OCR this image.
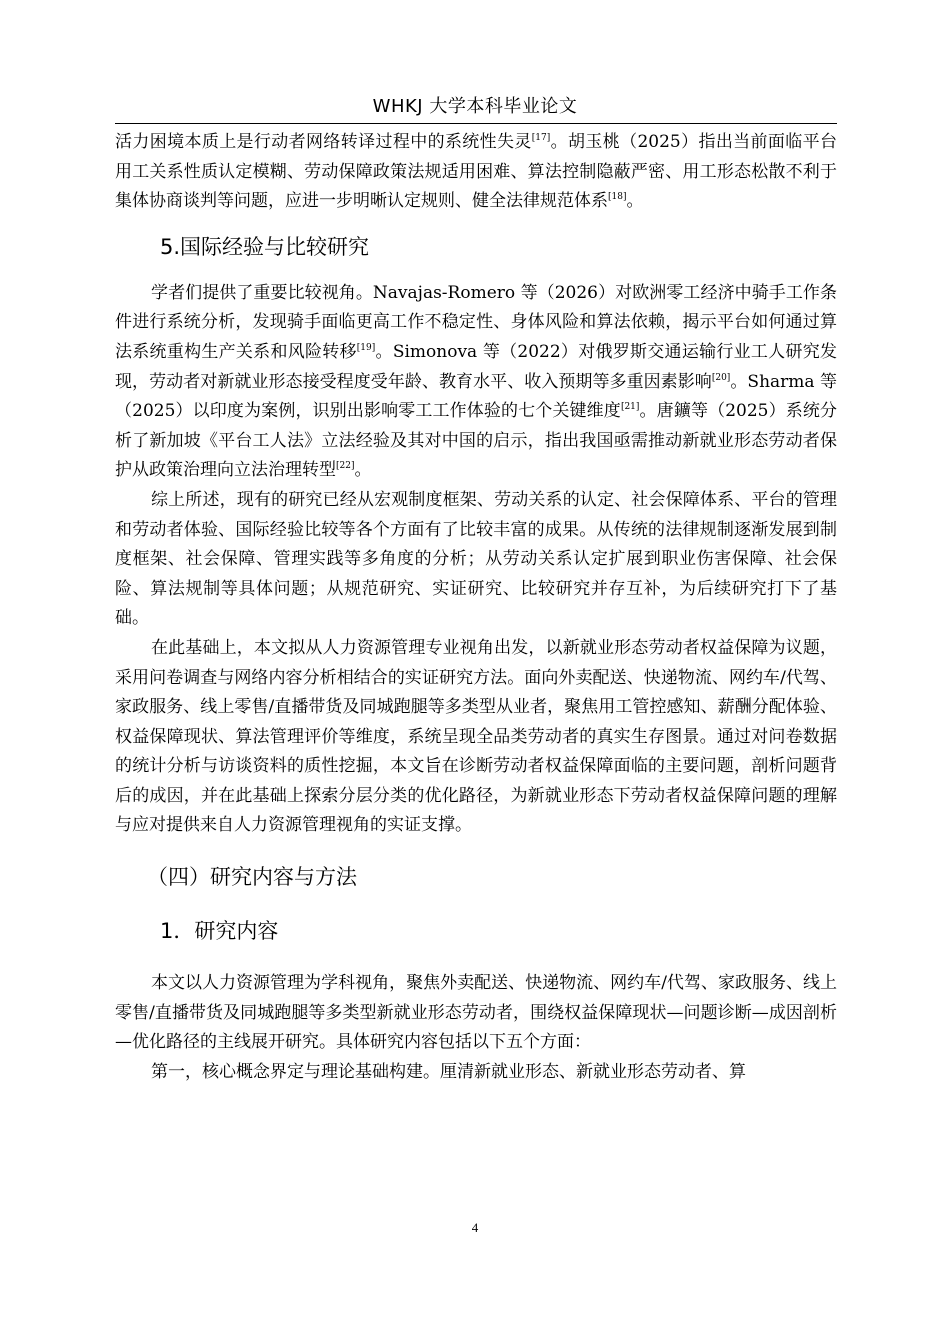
WHKJ 大学本科毕业论文

活力困境本质上是行动者网络转译过程中的系统性失灵[17]。胡玉桃（2025）指出当前面临平台用工关系性质认定模糊、劳动保障政策法规适用困难、算法控制隐蔽严密、用工形态松散不利于集体协商谈判等问题，应进一步明晰认定规则、健全法律规范体系[18]。

5.国际经验与比较研究

学者们提供了重要比较视角。Navajas-Romero 等（2026）对欧洲零工经济中骑手工作条件进行系统分析，发现骑手面临更高工作不稳定性、身体风险和算法依赖，揭示平台如何通过算法系统重构生产关系和风险转移[19]。Simonova 等（2022）对俄罗斯交通运输行业工人研究发现，劳动者对新就业形态接受程度受年龄、教育水平、收入预期等多重因素影响[20]。Sharma 等（2025）以印度为案例，识别出影响零工工作体验的七个关键维度[21]。唐鑛等（2025）系统分析了新加坡《平台工人法》立法经验及其对中国的启示，指出我国亟需推动新就业形态劳动者保护从政策治理向立法治理转型[22]。

综上所述，现有的研究已经从宏观制度框架、劳动关系的认定、社会保障体系、平台的管理和劳动者体验、国际经验比较等各个方面有了比较丰富的成果。从传统的法律规制逐渐发展到制度框架、社会保障、管理实践等多角度的分析；从劳动关系认定扩展到职业伤害保障、社会保险、算法规制等具体问题；从规范研究、实证研究、比较研究并存互补，为后续研究打下了基础。

在此基础上，本文拟从人力资源管理专业视角出发，以新就业形态劳动者权益保障为议题，采用问卷调查与网络内容分析相结合的实证研究方法。面向外卖配送、快递物流、网约车/代驾、家政服务、线上零售/直播带货及同城跑腿等多类型从业者，聚焦用工管控感知、薪酬分配体验、权益保障现状、算法管理评价等维度，系统呈现全品类劳动者的真实生存图景。通过对问卷数据的统计分析与访谈资料的质性挖掘，本文旨在诊断劳动者权益保障面临的主要问题，剖析问题背后的成因，并在此基础上探索分层分类的优化路径，为新就业形态下劳动者权益保障问题的理解与应对提供来自人力资源管理视角的实证支撑。

（四）研究内容与方法
1．研究内容

本文以人力资源管理为学科视角，聚焦外卖配送、快递物流、网约车/代驾、家政服务、线上零售/直播带货及同城跑腿等多类型新就业形态劳动者，围绕权益保障现状—问题诊断—成因剖析—优化路径的主线展开研究。具体研究内容包括以下五个方面：

第一，核心概念界定与理论基础构建。厘清新就业形态、新就业形态劳动者、算

4
